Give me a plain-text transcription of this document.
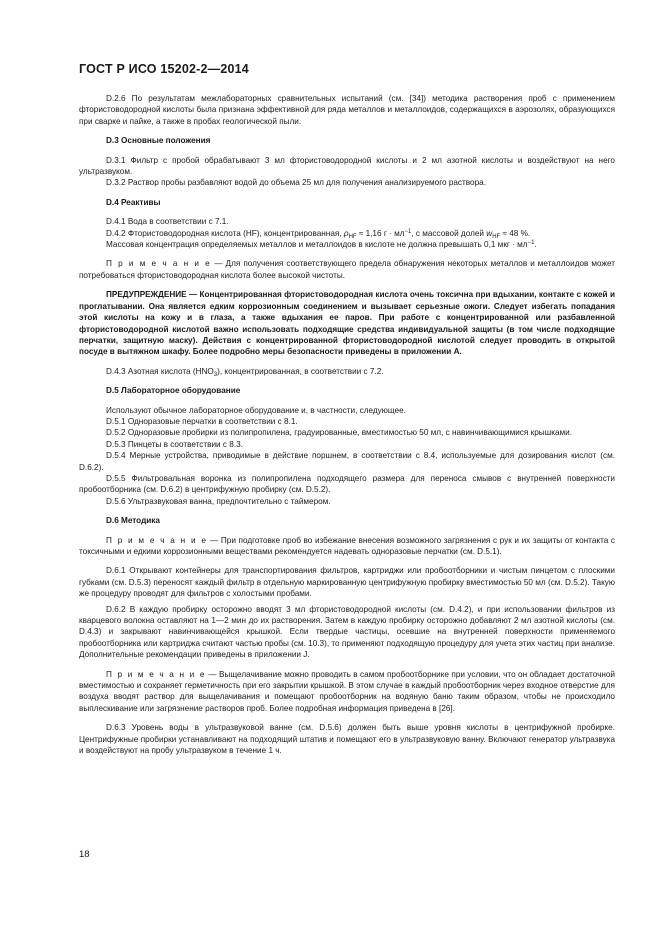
ГОСТ Р ИСО 15202-2—2014

D.2.6 По результатам межлабораторных сравнительных испытаний (см. [34]) методика растворения проб с применением фтористоводородной кислоты была признана эффективной для ряда металлов и металлоидов, содержащихся в аэрозолях, образующихся при сварке и пайке, а также в пробах геологической пыли.

D.3 Основные положения

D.3.1 Фильтр с пробой обрабатывают 3 мл фтористоводородной кислоты и 2 мл азотной кислоты и воздействуют на него ультразвуком.

D.3.2 Раствор пробы разбавляют водой до объема 25 мл для получения анализируемого раствора.

D.4 Реактивы

D.4.1 Вода в соответствии с 7.1.

D.4.2 Фтористоводородная кислота (HF), концентрированная, $\rho_{HF} \approx 1,16$ $г \cdot мл^{-1}$, с массовой долей $w_{HF} \approx 48$ %.

Массовая концентрация определяемых металлов и металлоидов в кислоте не должна превышать 0,1 мкг · $мл^{-1}$.

П р и м е ч а н и е — Для получения соответствующего предела обнаружения некоторых металлов и металлоидов может потребоваться фтористоводородная кислота более высокой чистоты.

ПРЕДУПРЕЖДЕНИЕ — Концентрированная фтористоводородная кислота очень токсична при вдыхании, контакте с кожей и проглатывании. Она является едким коррозионным соединением и вызывает серьезные ожоги. Следует избегать попадания этой кислоты на кожу и в глаза, а также вдыхания ее паров. При работе с концентрированной или разбавленной фтористоводородной кислотой важно использовать подходящие средства индивидуальной защиты (в том числе подходящие перчатки, защитную маску). Действия с концентрированной фтористоводородной кислотой следует проводить в открытой посуде в вытяжном шкафу. Более подробно меры безопасности приведены в приложении А.

D.4.3 Азотная кислота $(HNO_3)$, концентрированная, в соответствии с 7.2.

D.5 Лабораторное оборудование

Используют обычное лабораторное оборудование и, в частности, следующее.

D.5.1 Одноразовые перчатки в соответствии с 8.1.

D.5.2 Одноразовые пробирки из полипропилена, градуированные, вместимостью 50 мл, с навинчивающимися крышками.

D.5.3 Пинцеты в соответствии с 8.3.

D.5.4 Мерные устройства, приводимые в действие поршнем, в соответствии с 8.4, используемые для дозирования кислот (см. D.6.2).

D.5.5 Фильтровальная воронка из полипропилена подходящего размера для переноса смывов с внутренней поверхности пробоотборника (см. D.6.2) в центрифужную пробирку (см. D.5.2).

D.5.6 Ультразвуковая ванна, предпочтительно с таймером.

D.6 Методика

П р и м е ч а н и е — При подготовке проб во избежание внесения возможного загрязнения с рук и их защиты от контакта с токсичными и едкими коррозионными веществами рекомендуется надевать одноразовые перчатки (см. D.5.1).

D.6.1 Открывают контейнеры для транспортирования фильтров, картриджи или пробоотборники и чистым пинцетом с плоскими губками (см. D.5.3) переносят каждый фильтр в отдельную маркированную центрифужную пробирку вместимостью 50 мл (см. D.5.2). Такую же процедуру проводят для фильтров с холостыми пробами.

D.6.2 В каждую пробирку осторожно вводят 3 мл фтористоводородной кислоты (см. D.4.2), и при использовании фильтров из кварцевого волокна оставляют на 1—2 мин до их растворения. Затем в каждую пробирку осторожно добавляют 2 мл азотной кислоты (см. D.4.3) и закрывают навинчивающейся крышкой. Если твердые частицы, осевшие на внутренней поверхности применяемого пробоотборника или картриджа считают частью пробы (см. 10.3), то применяют подходящую процедуру для учета этих частиц при анализе. Дополнительные рекомендации приведены в приложении J.

П р и м е ч а н и е — Выщелачивание можно проводить в самом пробоотборнике при условии, что он обладает достаточной вместимостью и сохраняет герметичность при его закрытии крышкой. В этом случае в каждый пробоотборник через входное отверстие для воздуха вводят раствор для выщелачивания и помещают пробоотборник на водяную баню таким образом, чтобы не происходило выплескивание или загрязнение растворов проб. Более подробная информация приведена в [26].

D.6.3 Уровень воды в ультразвуковой ванне (см. D.5.6) должен быть выше уровня кислоты в центрифужной пробирке. Центрифужные пробирки устанавливают на подходящий штатив и помещают его в ультразвуковую ванну. Включают генератор ультразвука и воздействуют на пробу ультразвуком в течение 1 ч.

18
